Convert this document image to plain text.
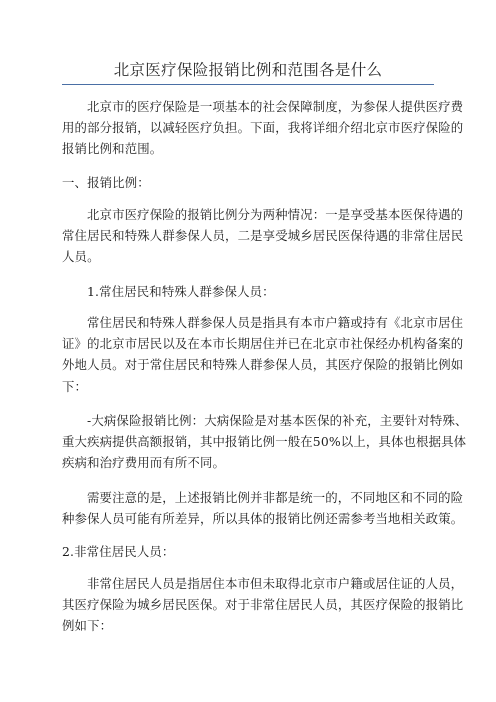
北京医疗保险报销比例和范围各是什么

北京市的医疗保险是一项基本的社会保障制度，为参保人提供医疗费
用的部分报销，以减轻医疗负担。下面，我将详细介绍北京市医疗保险的
报销比例和范围。

一、报销比例：

北京市医疗保险的报销比例分为两种情况：一是享受基本医保待遇的
常住居民和特殊人群参保人员，二是享受城乡居民医保待遇的非常住居民
人员。

1.常住居民和特殊人群参保人员：

常住居民和特殊人群参保人员是指具有本市户籍或持有《北京市居住
证》的北京市居民以及在本市长期居住并已在北京市社保经办机构备案的
外地人员。对于常住居民和特殊人群参保人员，其医疗保险的报销比例如
下：

-大病保险报销比例：大病保险是对基本医保的补充，主要针对特殊、
重大疾病提供高额报销，其中报销比例一般在50%以上，具体也根据具体
疾病和治疗费用而有所不同。

需要注意的是，上述报销比例并非都是统一的，不同地区和不同的险
种参保人员可能有所差异，所以具体的报销比例还需参考当地相关政策。

2.非常住居民人员：

非常住居民人员是指居住本市但未取得北京市户籍或居住证的人员，
其医疗保险为城乡居民医保。对于非常住居民人员，其医疗保险的报销比
例如下：
